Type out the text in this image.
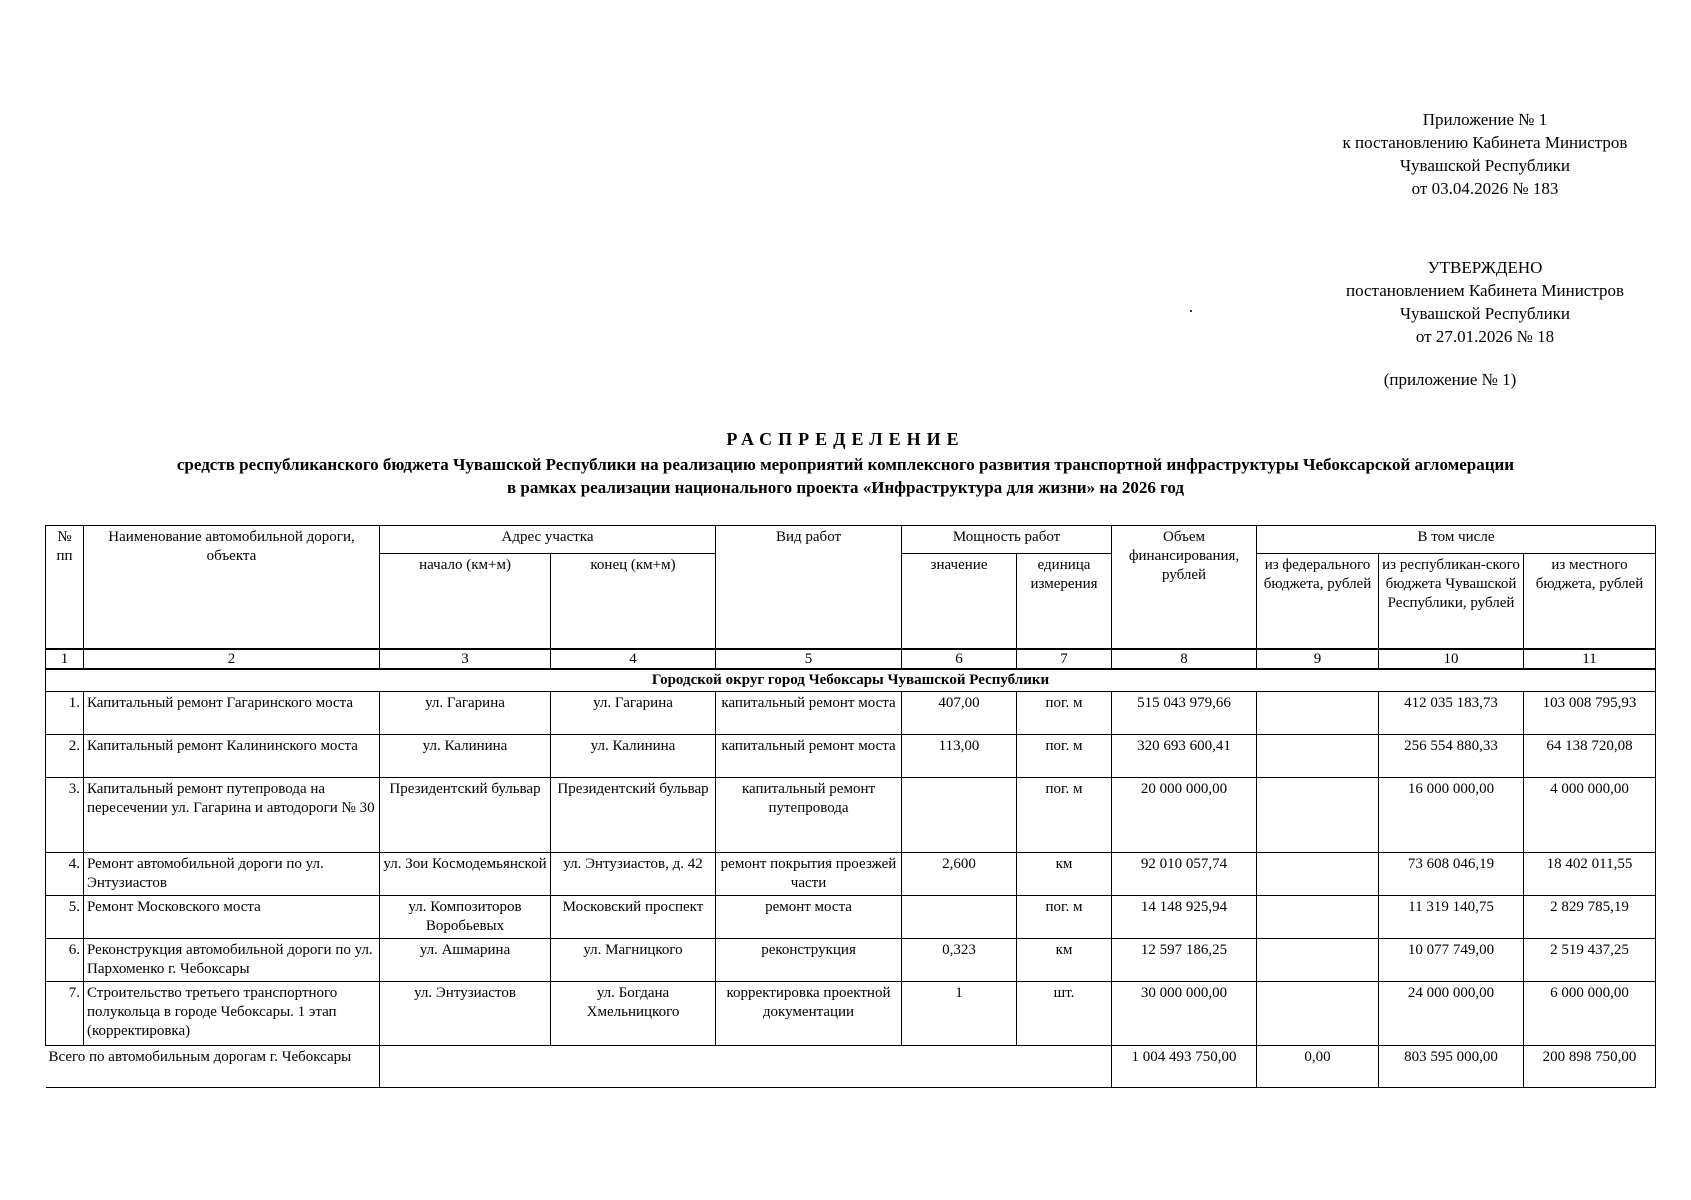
Приложение № 1
к постановлению Кабинета Министров
Чувашской Республики
от 03.04.2026 № 183
УТВЕРЖДЕНО
постановлением Кабинета Министров
Чувашской Республики
от 27.01.2026 № 18
(приложение № 1)
РАСПРЕДЕЛЕНИЕ
средств республиканского бюджета Чувашской Республики на реализацию мероприятий комплексного развития транспортной инфраструктуры Чебоксарской агломерации
в рамках реализации национального проекта «Инфраструктура для жизни» на 2026 год
№ пп	Наименование автомобильной дороги, объекта	Адрес участка		Вид работ	Мощность работ		Объем финансирования, рублей	В том числе		
		начало (км+м)	конец (км+м)		значение	единица измерения		из федерального бюджета, рублей	из республикан-ского бюджета Чувашской Республики, рублей	из местного бюджета, рублей
1	2	3	4	5	6	7	8	9	10	11
Городской округ город Чебоксары Чувашской Республики										
1.	Капитальный ремонт Гагаринского моста	ул. Гагарина	ул. Гагарина	капитальный ремонт моста	407,00	пог. м	515 043 979,66		412 035 183,73	103 008 795,93
2.	Капитальный ремонт Калининского моста	ул. Калинина	ул. Калинина	капитальный ремонт моста	113,00	пог. м	320 693 600,41		256 554 880,33	64 138 720,08
3.	Капитальный ремонт путепровода на пересечении ул. Гагарина и автодороги № 30	Президентский бульвар	Президентский бульвар	капитальный ремонт путепровода		пог. м	20 000 000,00		16 000 000,00	4 000 000,00
4.	Ремонт автомобильной дороги по ул. Энтузиастов	ул. Зои Космодемьянской	ул. Энтузиастов, д. 42	ремонт покрытия проезжей части	2,600	км	92 010 057,74		73 608 046,19	18 402 011,55
5.	Ремонт Московского моста	ул. Композиторов Воробьевых	Московский проспект	ремонт моста		пог. м	14 148 925,94		11 319 140,75	2 829 785,19
6.	Реконструкция автомобильной дороги по ул. Пархоменко г. Чебоксары	ул. Ашмарина	ул. Магницкого	реконструкция	0,323	км	12 597 186,25		10 077 749,00	2 519 437,25
7.	Строительство третьего транспортного полукольца в городе Чебоксары. 1 этап (корректировка)	ул. Энтузиастов	ул. Богдана Хмельницкого	корректировка проектной документации	1	шт.	30 000 000,00		24 000 000,00	6 000 000,00
Всего по автомобильным дорогам г. Чебоксары							1 004 493 750,00	0,00	803 595 000,00	200 898 750,00
